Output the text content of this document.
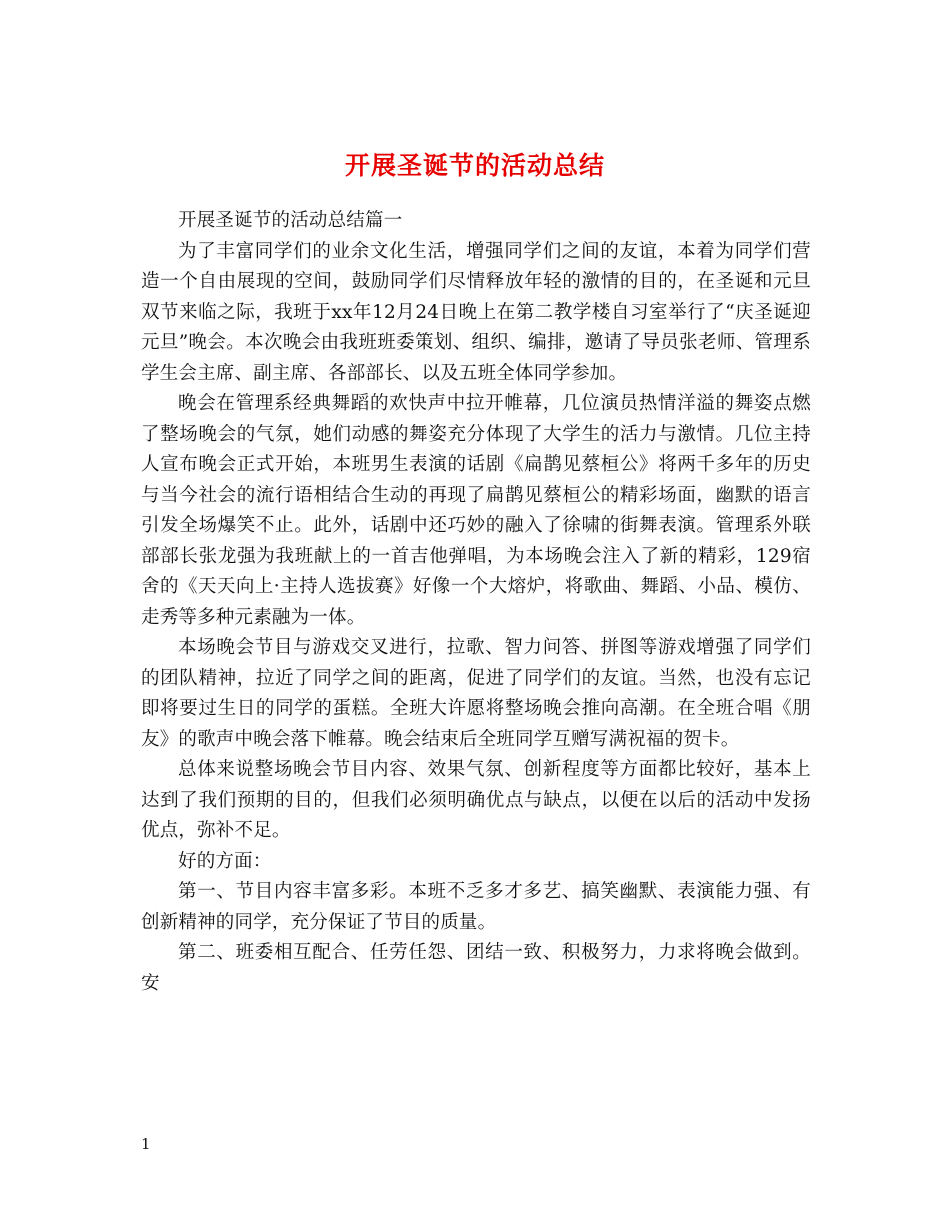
开展圣诞节的活动总结

开展圣诞节的活动总结篇一

为了丰富同学们的业余文化生活，增强同学们之间的友谊，本着为同学们营造一个自由展现的空间，鼓励同学们尽情释放年轻的激情的目的，在圣诞和元旦双节来临之际，我班于xx年12月24日晚上在第二教学楼自习室举行了“庆圣诞迎元旦”晚会。本次晚会由我班班委策划、组织、编排，邀请了导员张老师、管理系学生会主席、副主席、各部部长、以及五班全体同学参加。

晚会在管理系经典舞蹈的欢快声中拉开帷幕，几位演员热情洋溢的舞姿点燃了整场晚会的气氛，她们动感的舞姿充分体现了大学生的活力与激情。几位主持人宣布晚会正式开始，本班男生表演的话剧《扁鹊见蔡桓公》将两千多年的历史与当今社会的流行语相结合生动的再现了扁鹊见蔡桓公的精彩场面，幽默的语言引发全场爆笑不止。此外，话剧中还巧妙的融入了徐啸的街舞表演。管理系外联部部长张龙强为我班献上的一首吉他弹唱，为本场晚会注入了新的精彩，129宿舍的《天天向上·主持人选拔赛》好像一个大熔炉，将歌曲、舞蹈、小品、模仿、走秀等多种元素融为一体。

本场晚会节目与游戏交叉进行，拉歌、智力问答、拼图等游戏增强了同学们的团队精神，拉近了同学之间的距离，促进了同学们的友谊。当然，也没有忘记即将要过生日的同学的蛋糕。全班大许愿将整场晚会推向高潮。在全班合唱《朋友》的歌声中晚会落下帷幕。晚会结束后全班同学互赠写满祝福的贺卡。

总体来说整场晚会节目内容、效果气氛、创新程度等方面都比较好，基本上达到了我们预期的目的，但我们必须明确优点与缺点，以便在以后的活动中发扬优点，弥补不足。

好的方面：

第一、节目内容丰富多彩。本班不乏多才多艺、搞笑幽默、表演能力强、有创新精神的同学，充分保证了节目的质量。

第二、班委相互配合、任劳任怨、团结一致、积极努力，力求将晚会做到。安

1
